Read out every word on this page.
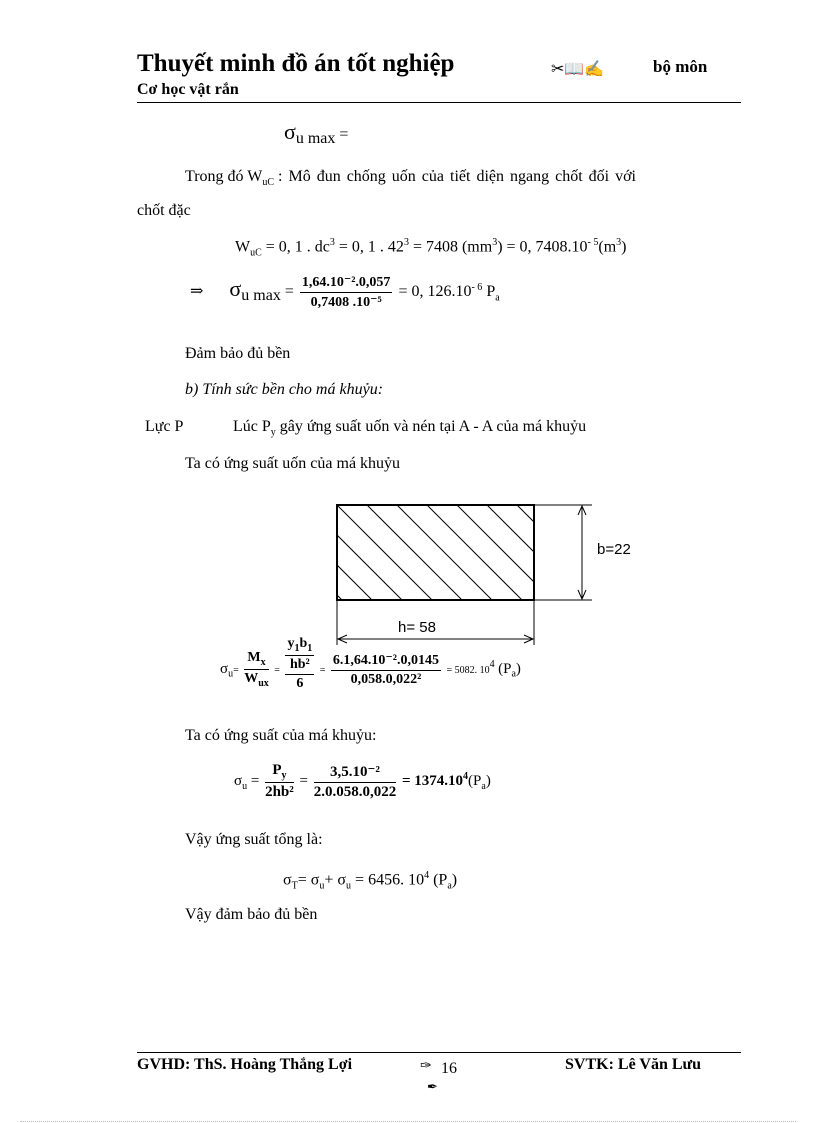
Thuyết minh đồ án tốt nghiệp
Cơ học vật rắn
✂📖✍	bộ môn
σu max =
Trong đó $W_{uC}$ : Mô đun chống uốn của tiết diện ngang chốt đối với
chốt đặc
$W_{uC} = 0$, 1 . $dc^3 = 0$, 1 . $42^3 = 7408$ $(mm^3) = 0$, $7408.10^{- 5}(m^3)$
⇒ σu $\max = \frac{\text{1,64.10⁻².0,057}}{\text{0,7408 .10⁻⁵}} = 0$, $126.10^{- 6}$ $P_a$
Đảm bảo đủ bền
b) Tính sức bền cho má khuỷu:
Lực P	Lúc $P_y$ gây ứng suất uốn và nén tại A - A của má khuỷu
Ta có ứng suất uốn của má khuỷu
b=22
h= 58
$\sigma_u= \frac{M_x}{W_{ux}}$ =
$y_1b_1$
hb²
6
= $\frac{\text{6.1,64.10⁻².0,0145}}{\text{0,058.0,022²}} = 5082$. $10^4$ $(P_a)$
Ta có ứng suất của má khuỷu:
$\sigma_u = \frac{P_y}{\text{2hb²}} = \frac{\text{3,5.10⁻²}}{2.0.058.0,022} = 1374.10^4(P_a)$
Vậy ứng suất tổng là:
$\sigma_T= \sigma_u+ \sigma_u = 6456$. $10^4$ $(P_a)$
Vậy đảm bảo đủ bền
GVHD: ThS. Hoàng Thắng Lợi	✑ 16
✒
SVTK: Lê Văn Lưu
